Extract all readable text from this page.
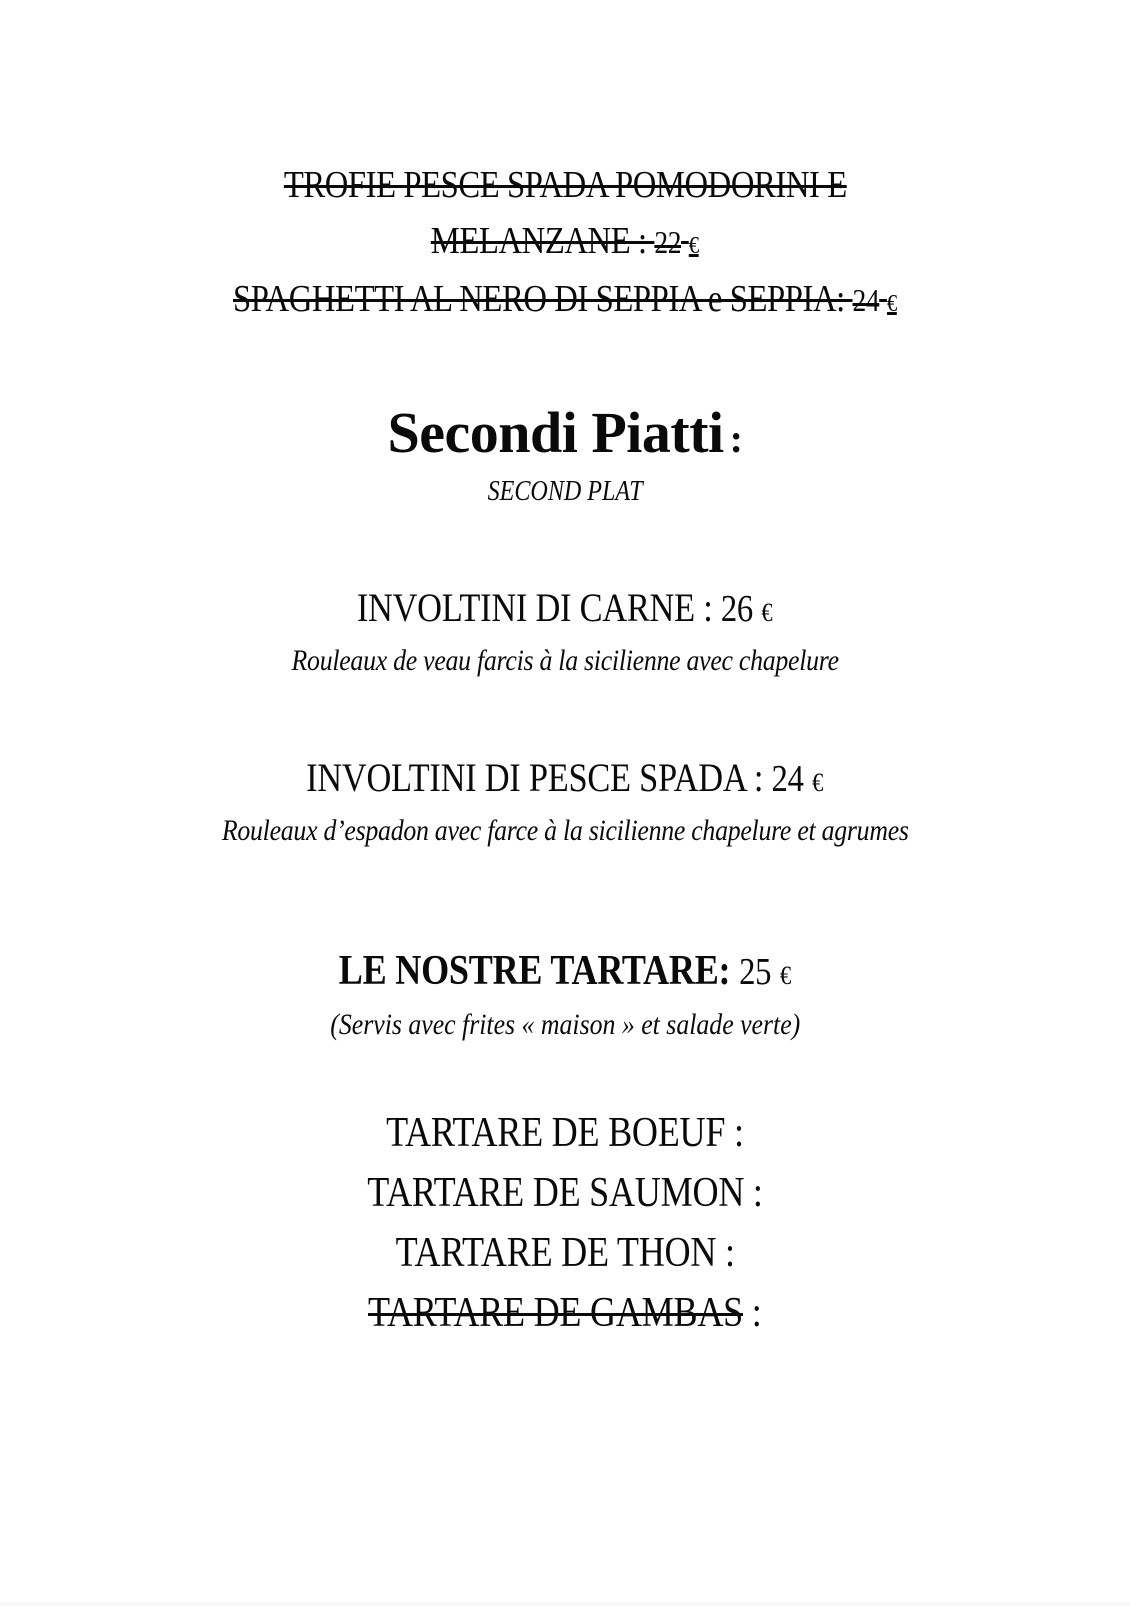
TROFIE PESCE SPADA POMODORINI E
MELANZANE : 22 €
SPAGHETTI AL NERO DI SEPPIA e SEPPIA: 24 €
Secondi Piatti :
SECOND PLAT
INVOLTINI DI CARNE : 26 €
Rouleaux de veau farcis à la sicilienne avec chapelure
INVOLTINI DI PESCE SPADA : 24 €
Rouleaux d’espadon avec farce à la sicilienne chapelure et agrumes
LE NOSTRE TARTARE: 25 €
(Servis avec frites « maison » et salade verte)
TARTARE DE BOEUF :
TARTARE DE SAUMON :
TARTARE DE THON :
TARTARE DE GAMBAS :
